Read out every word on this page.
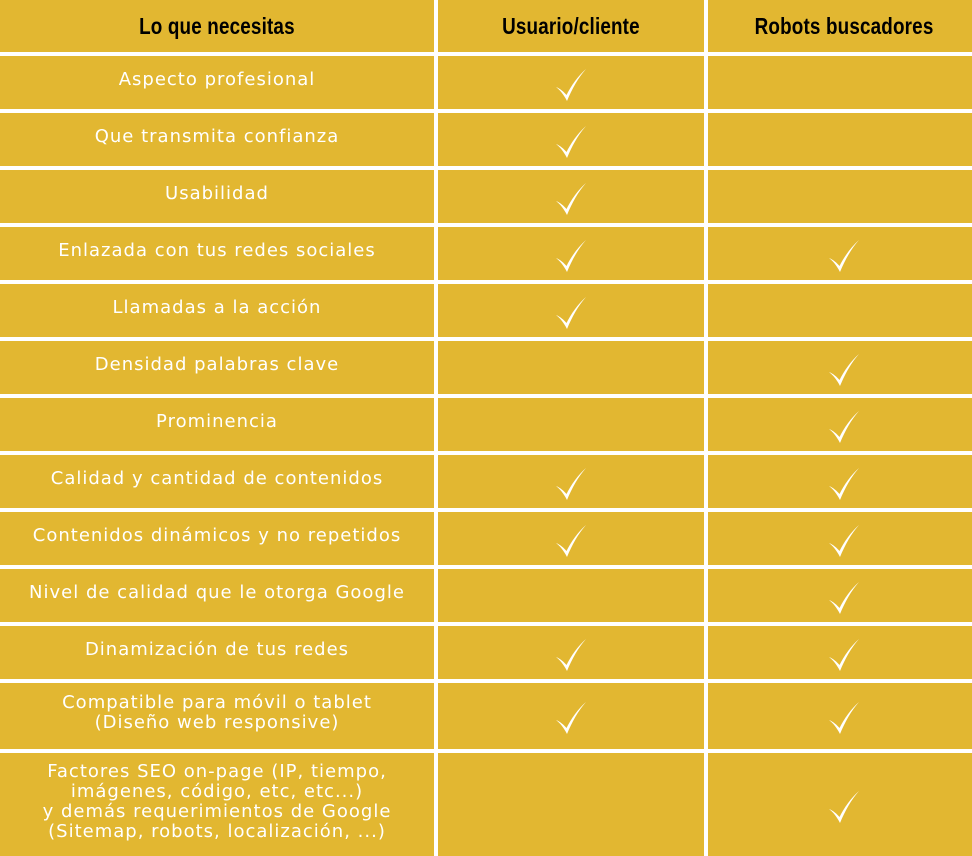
Lo que necesitas	Usuario/cliente	Robots buscadores
Aspecto profesional
Que transmita confianza
Usabilidad
Enlazada con tus redes sociales
Llamadas a la acción
Densidad palabras clave
Prominencia
Calidad y cantidad de contenidos
Contenidos dinámicos y no repetidos
Nivel de calidad que le otorga Google
Dinamización de tus redes
Compatible para móvil o tablet
(Diseño web responsive)
Factores SEO on-page (IP, tiempo,
imágenes, código, etc, etc...)
y demás requerimientos de Google
(Sitemap, robots, localización, ...)
